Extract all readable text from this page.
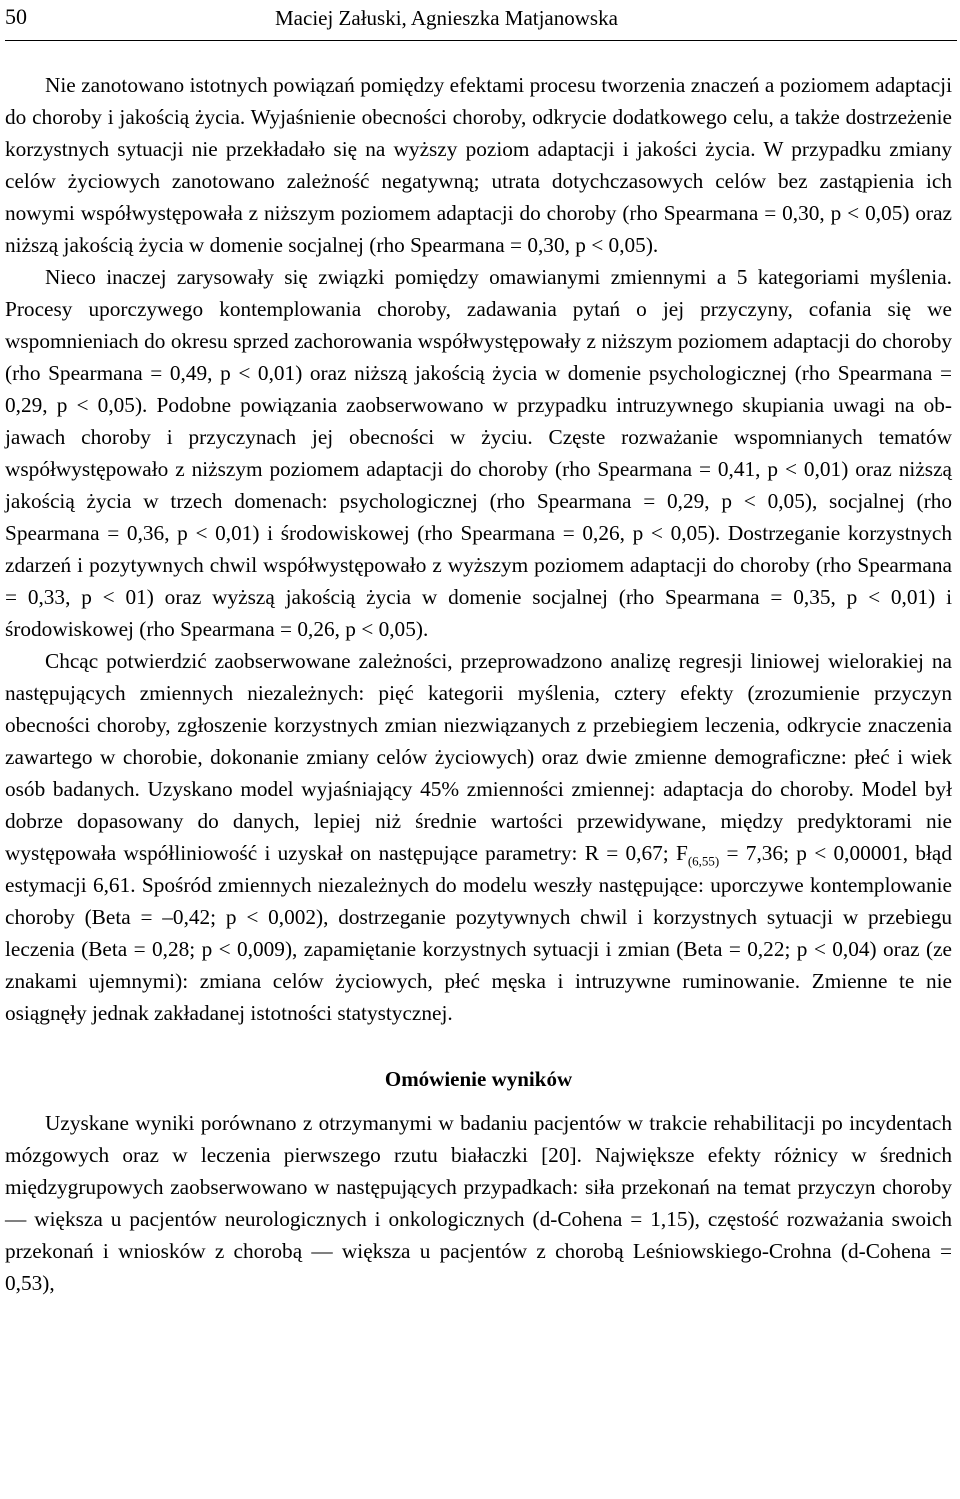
50	Maciej Załuski, Agnieszka Matjanowska

Nie zanotowano istotnych powiązań pomiędzy efektami procesu tworzenia znaczeń a poziomem adaptacji do choroby i jakością życia. Wyjaśnienie obecności choroby, odkrycie dodatkowego celu, a także dostrzeżenie korzystnych sytuacji nie przekładało się na wyższy poziom adaptacji i jakości życia. W przypadku zmiany celów życiowych zanotowano zależność negatywną; utrata dotychczasowych celów bez zastąpienia ich nowymi współwystępowała z niższym poziomem adaptacji do choroby (rho Spearmana = 0,30, p < 0,05) oraz niższą jakością życia w domenie socjalnej (rho Spearmana = 0,30, p < 0,05).

Nieco inaczej zarysowały się związki pomiędzy omawianymi zmiennymi a 5 kategoriami myślenia. Procesy uporczywego kontemplowania choroby, zadawania pytań o jej przyczyny, cofania się we wspomnieniach do okresu sprzed zachorowania współwystępowały z niższym poziomem adaptacji do choroby (rho Spearmana = 0,49, p < 0,01) oraz niższą jakością życia w domenie psychologicznej (rho Spearmana = 0,29, p < 0,05). Podobne powiązania zaobserwowano w przypadku intruzywnego skupiania uwagi na objawach choroby i przyczynach jej obecności w życiu. Częste rozważanie wspomnianych tematów współwystępowało z niższym poziomem adaptacji do choroby (rho Spearmana = 0,41, p < 0,01) oraz niższą jakością życia w trzech domenach: psychologicznej (rho Spearmana = 0,29, p < 0,05), socjalnej (rho Spearmana = 0,36, p < 0,01) i środowiskowej (rho Spearmana = 0,26, p < 0,05). Dostrzeganie korzystnych zdarzeń i pozytywnych chwil współwystępowało z wyższym poziomem adaptacji do choroby (rho Spearmana = 0,33, p < 01) oraz wyższą jakością życia w domenie socjalnej (rho Spearmana = 0,35, p < 0,01) i środowiskowej (rho Spearmana = 0,26, p < 0,05).

Chcąc potwierdzić zaobserwowane zależności, przeprowadzono analizę regresji liniowej wielorakiej na następujących zmiennych niezależnych: pięć kategorii myślenia, cztery efekty (zrozumienie przyczyn obecności choroby, zgłoszenie korzystnych zmian niezwiązanych z przebiegiem leczenia, odkrycie znaczenia zawartego w chorobie, dokonanie zmiany celów życiowych) oraz dwie zmienne demograficzne: płeć i wiek osób badanych. Uzyskano model wyjaśniający 45% zmienności zmiennej: adaptacja do choroby. Model był dobrze dopasowany do danych, lepiej niż średnie wartości przewidywane, między predyktorami nie występowała współliniowość i uzyskał on następujące parametry: R = 0,67; $F_{(6,55)} = 7,36$; p < 0,00001, błąd estymacji 6,61. Spośród zmiennych niezależnych do modelu weszły następujące: uporczywe kontemplowanie choroby (Beta = –0,42; p < 0,002), dostrzeganie pozytywnych chwil i korzystnych sytuacji w przebiegu leczenia (Beta = 0,28; p < 0,009), zapamiętanie korzystnych sytuacji i zmian (Beta = 0,22; p < 0,04) oraz (ze znakami ujemnymi): zmiana celów życiowych, płeć męska i intruzywne ruminowanie. Zmienne te nie osiągnęły jednak zakładanej istotności statystycznej.

Omówienie wyników

Uzyskane wyniki porównano z otrzymanymi w badaniu pacjentów w trakcie rehabilitacji po incydentach mózgowych oraz w leczenia pierwszego rzutu białaczki [20]. Największe efekty różnicy w średnich międzygrupowych zaobserwowano w następujących przypadkach: siła przekonań na temat przyczyn choroby — większa u pacjentów neurologicznych i onkologicznych (d-Cohena = 1,15), częstość rozważania swoich przekonań i wniosków z chorobą — większa u pacjentów z chorobą Leśniowskiego-Crohna (d-Cohena = 0,53),
